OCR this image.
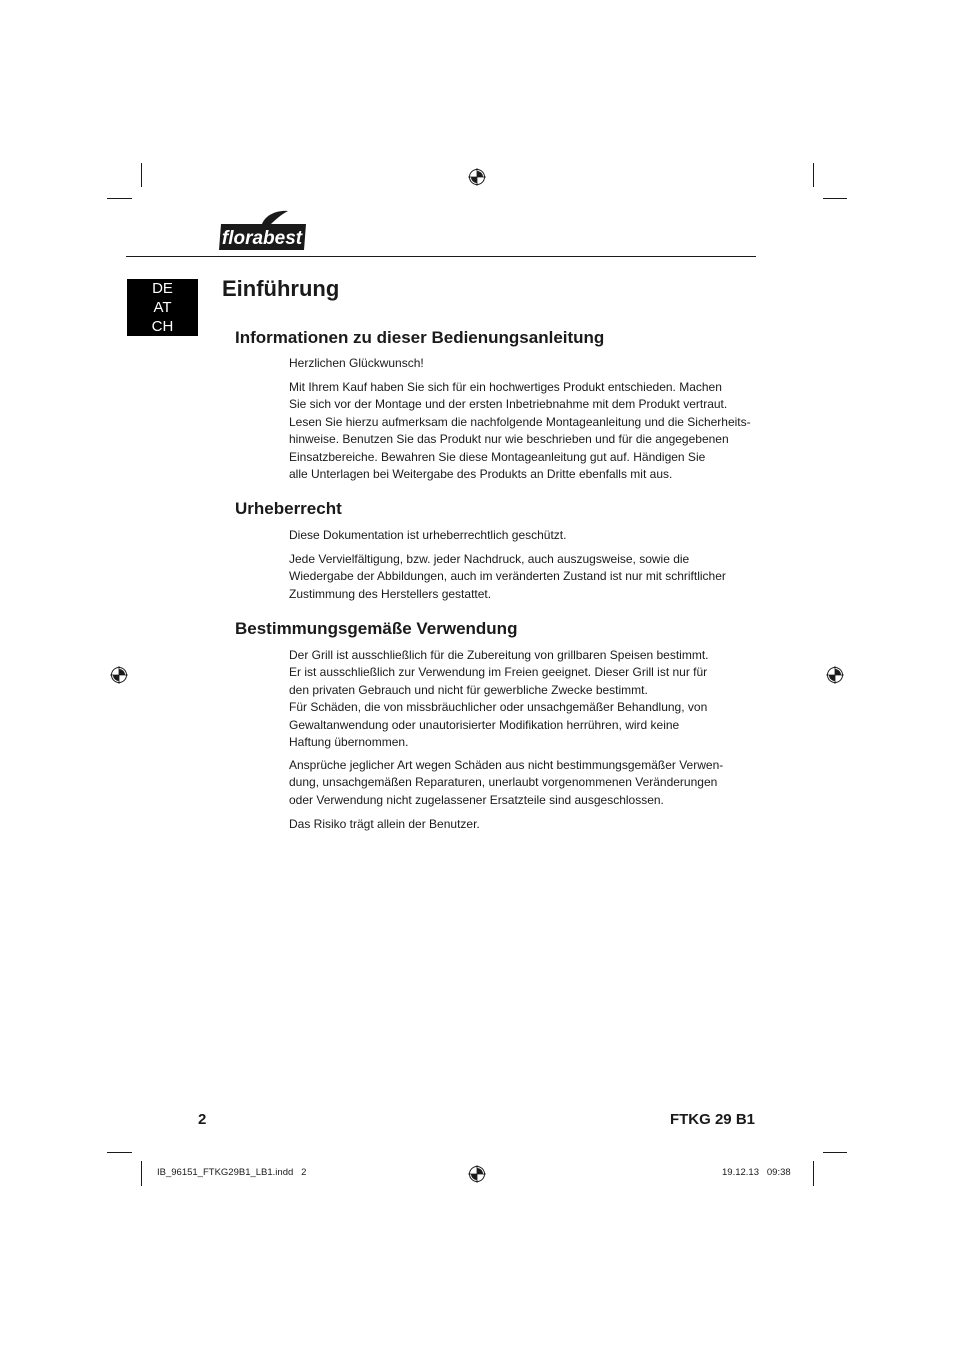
florabest
DE
AT
CH
Einführung
Informationen zu dieser Bedienungsanleitung

Herzlichen Glückwunsch!

Mit Ihrem Kauf haben Sie sich für ein hochwertiges Produkt entschieden. Machen
Sie sich vor der Montage und der ersten Inbetriebnahme mit dem Produkt vertraut.
Lesen Sie hierzu aufmerksam die nachfolgende Montageanleitung und die Sicherheits-
hinweise. Benutzen Sie das Produkt nur wie beschrieben und für die angegebenen
Einsatzbereiche. Bewahren Sie diese Montageanleitung gut auf. Händigen Sie
alle Unterlagen bei Weitergabe des Produkts an Dritte ebenfalls mit aus.

Urheberrecht

Diese Dokumentation ist urheberrechtlich geschützt.

Jede Vervielfältigung, bzw. jeder Nachdruck, auch auszugsweise, sowie die
Wiedergabe der Abbildungen, auch im veränderten Zustand ist nur mit schriftlicher
Zustimmung des Herstellers gestattet.

Bestimmungsgemäße Verwendung

Der Grill ist ausschließlich für die Zubereitung von grillbaren Speisen bestimmt.
Er ist ausschließlich zur Verwendung im Freien geeignet. Dieser Grill ist nur für
den privaten Gebrauch und nicht für gewerbliche Zwecke bestimmt.
Für Schäden, die von missbräuchlicher oder unsachgemäßer Behandlung, von
Gewaltanwendung oder unautorisierter Modifikation herrühren, wird keine
Haftung übernommen.

Ansprüche jeglicher Art wegen Schäden aus nicht bestimmungsgemäßer Verwen-
dung, unsachgemäßen Reparaturen, unerlaubt vorgenommenen Veränderungen
oder Verwendung nicht zugelassener Ersatzteile sind ausgeschlossen.

Das Risiko trägt allein der Benutzer.

2	FTKG 29 B1
IB_96151_FTKG29B1_LB1.indd   2	19.12.13   09:38
